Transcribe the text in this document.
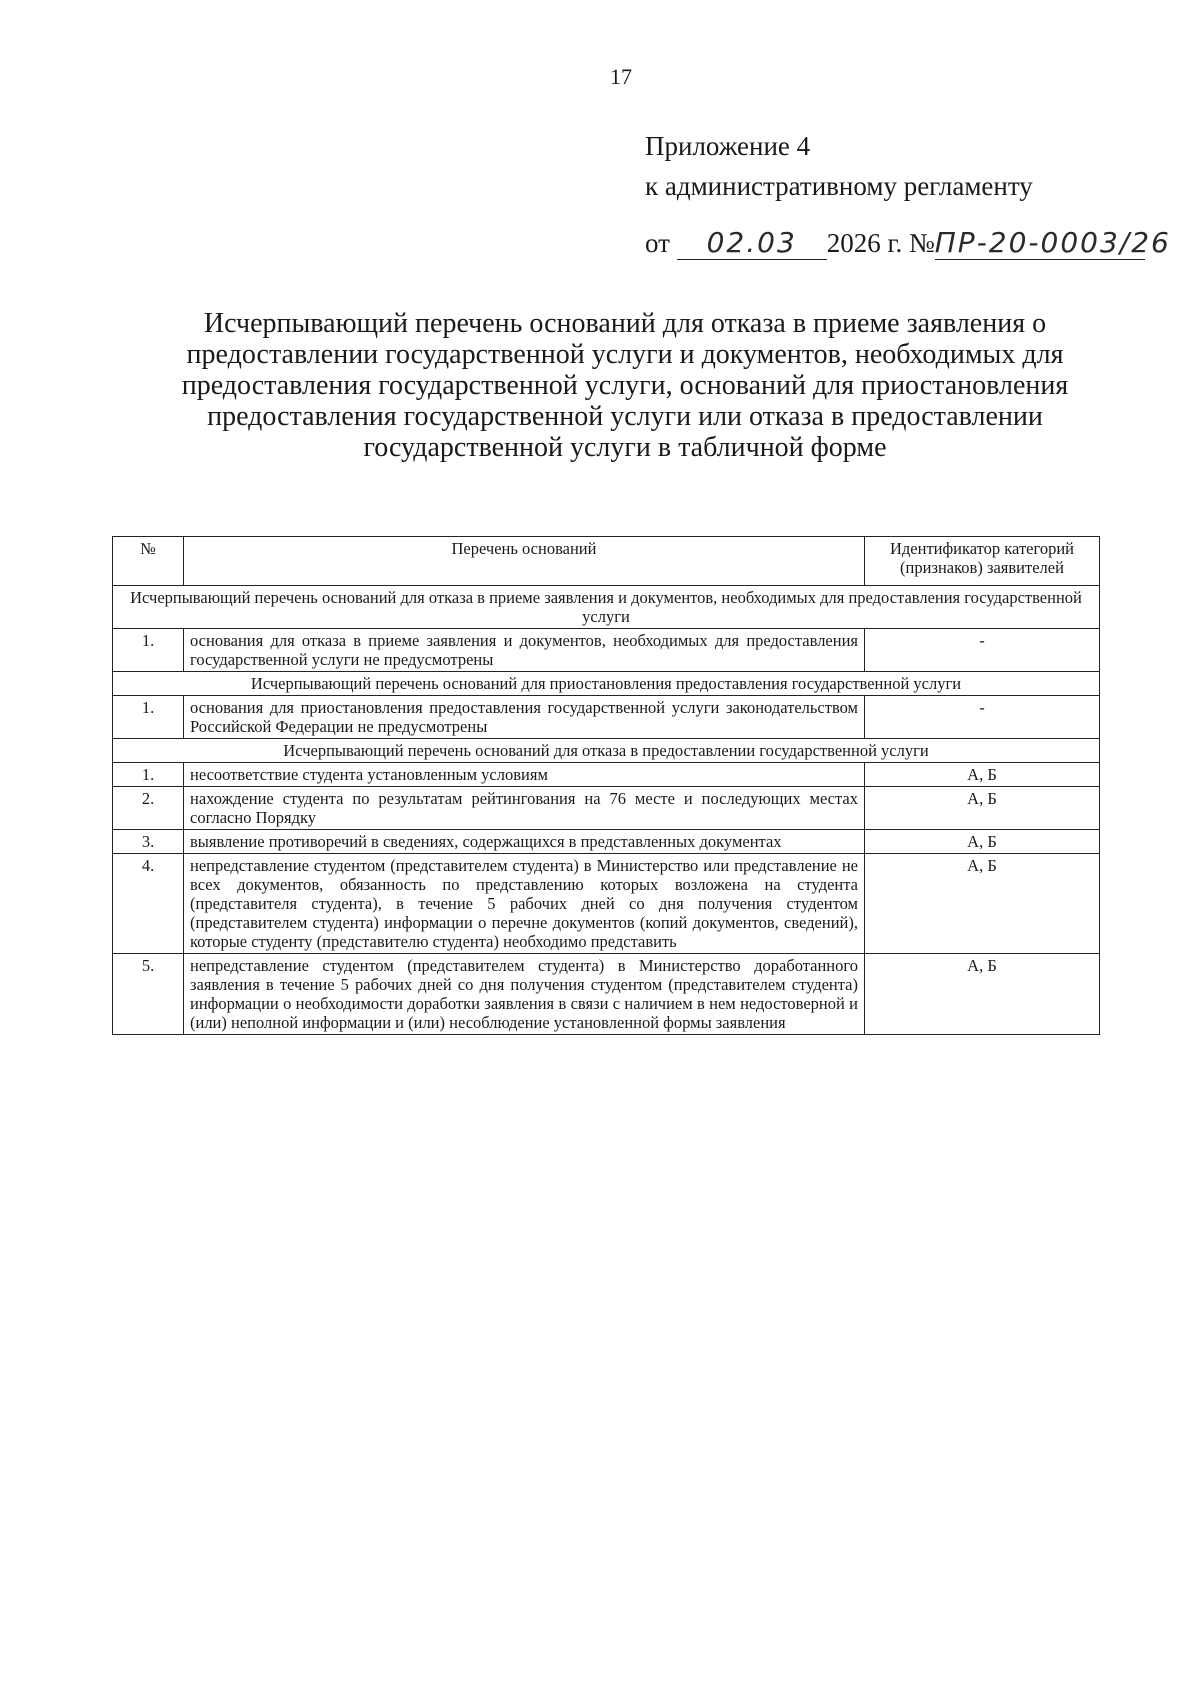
17
Приложение 4
к административному регламенту
от 02.03 2026 г. №ПР-20-0003/26
Исчерпывающий перечень оснований для отказа в приеме заявления о предоставлении государственной услуги и документов, необходимых для предоставления государственной услуги, оснований для приостановления предоставления государственной услуги или отказа в предоставлении государственной услуги в табличной форме
№	Перечень оснований	Идентификатор категорий (признаков) заявителей
Исчерпывающий перечень оснований для отказа в приеме заявления и документов, необходимых для предоставления государственной услуги		
1.	основания для отказа в приеме заявления и документов, необходимых для предоставления государственной услуги не предусмотрены	-
Исчерпывающий перечень оснований для приостановления предоставления государственной услуги		
1.	основания для приостановления предоставления государственной услуги законодательством Российской Федерации не предусмотрены	-
Исчерпывающий перечень оснований для отказа в предоставлении государственной услуги		
1.	несоответствие студента установленным условиям	А, Б
2.	нахождение студента по результатам рейтингования на 76 месте и последующих местах согласно Порядку	А, Б
3.	выявление противоречий в сведениях, содержащихся в представленных документах	А, Б
4.	непредставление студентом (представителем студента) в Министерство или представление не всех документов, обязанность по представлению которых возложена на студента (представителя студента), в течение 5 рабочих дней со дня получения студентом (представителем студента) информации о перечне документов (копий документов, сведений), которые студенту (представителю студента) необходимо представить	А, Б
5.	непредставление студентом (представителем студента) в Министерство доработанного заявления в течение 5 рабочих дней со дня получения студентом (представителем студента) информации о необходимости доработки заявления в связи с наличием в нем недостоверной и (или) неполной информации и (или) несоблюдение установленной формы заявления	А, Б
